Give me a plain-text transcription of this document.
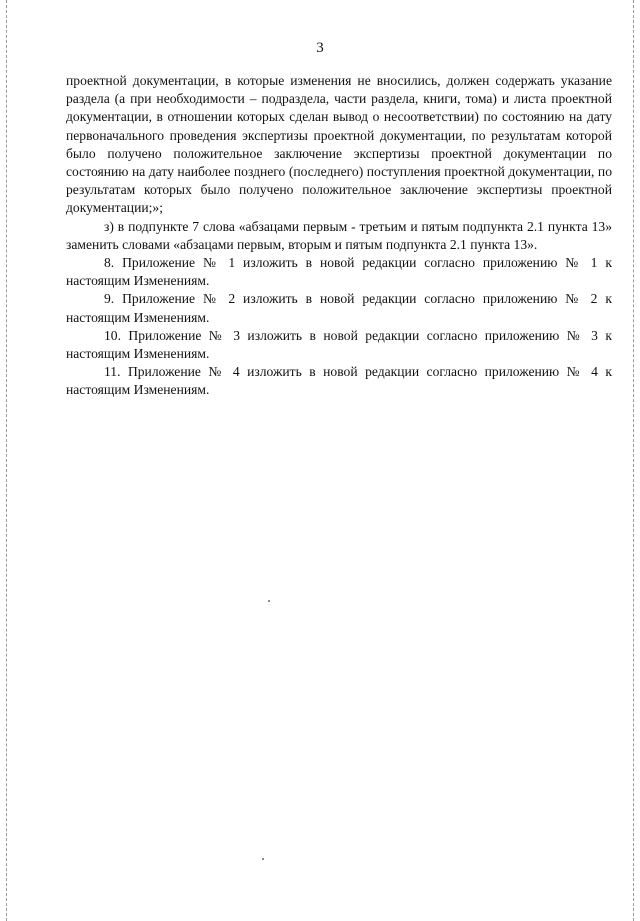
3

проектной документации, в которые изменения не вносились, должен содержать указание раздела (а при необходимости – подраздела, части раздела, книги, тома) и листа проектной документации, в отношении которых сделан вывод о несоответствии) по состоянию на дату первоначального проведения экспертизы проектной документации, по результатам которой было получено положительное заключение экспертизы проектной документации по состоянию на дату наиболее позднего (последнего) поступления проектной документации, по результатам которых было получено положительное заключение экспертизы проектной документации;»;

з) в подпункте 7 слова «абзацами первым - третьим и пятым подпункта 2.1 пункта 13» заменить словами «абзацами первым, вторым и пятым подпункта 2.1 пункта 13».

8. Приложение № 1 изложить в новой редакции согласно приложению № 1 к настоящим Изменениям.

9. Приложение № 2 изложить в новой редакции согласно приложению № 2 к настоящим Изменениям.

10. Приложение № 3 изложить в новой редакции согласно приложению № 3 к настоящим Изменениям.

11. Приложение № 4 изложить в новой редакции согласно приложению № 4 к настоящим Изменениям.
